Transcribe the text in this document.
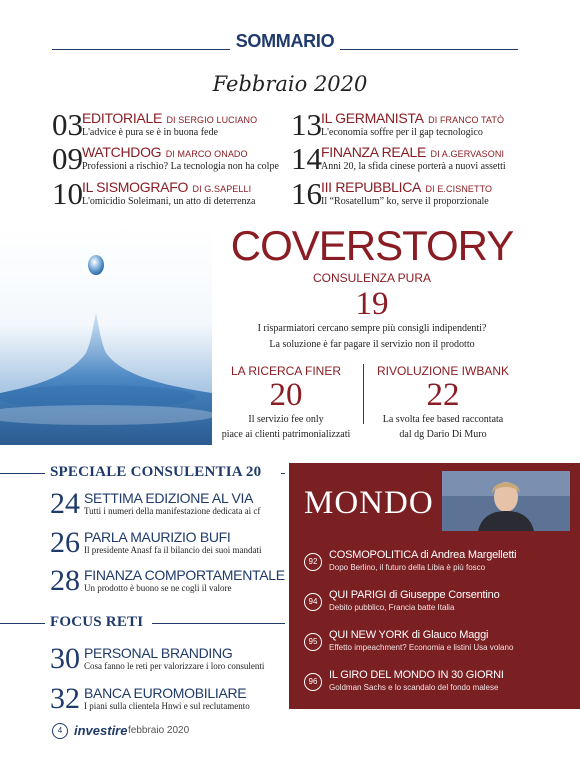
SOMMARIO
Febbraio 2020
03 EDITORIALE DI SERGIO LUCIANO
L'advice è pura se è in buona fede
09 WATCHDOG DI MARCO ONADO
Professioni a rischio? La tecnologia non ha colpe
10 IL SISMOGRAFO DI G.SAPELLI
L'omicidio Soleimani, un atto di deterrenza
13 IL GERMANISTA DI FRANCO TATÒ
L'economia soffre per il gap tecnologico
14 FINANZA REALE DI A.GERVASONI
Anni 20, la sfida cinese porterà a nuovi assetti
16 III REPUBBLICA DI E.CISNETTO
Il “Rosatellum” ko, serve il proporzionale
COVERSTORY
CONSULENZA PURA
19
I risparmiatori cercano sempre più consigli indipendenti?
La soluzione è far pagare il servizio non il prodotto
LA RICERCA FINER
20
Il servizio fee only
piace ai clienti patrimonializzati
RIVOLUZIONE IWBANK
22
La svolta fee based raccontata
dal dg Dario Di Muro
SPECIALE CONSULENTIA 20
24 SETTIMA EDIZIONE AL VIA
Tutti i numeri della manifestazione dedicata ai cf
26 PARLA MAURIZIO BUFI
Il presidente Anasf fa il bilancio dei suoi mandati
28 FINANZA COMPORTAMENTALE
Un prodotto è buono se ne cogli il valore
FOCUS RETI
30 PERSONAL BRANDING
Cosa fanno le reti per valorizzare i loro consulenti
32 BANCA EUROMOBILIARE
I piani sulla clientela Hnwi e sul reclutamento
MONDO
92
COSMOPOLITICA di Andrea Margelletti
Dopo Berlino, il futuro della Libia è più fosco
94
QUI PARIGI di Giuseppe Corsentino
Debito pubblico, Francia batte Italia
95
QUI NEW YORK di Glauco Maggi
Effetto impeachment? Economia e listini Usa volano
96
IL GIRO DEL MONDO IN 30 GIORNI
Goldman Sachs e lo scandalo del fondo malese
4 investire febbraio 2020
